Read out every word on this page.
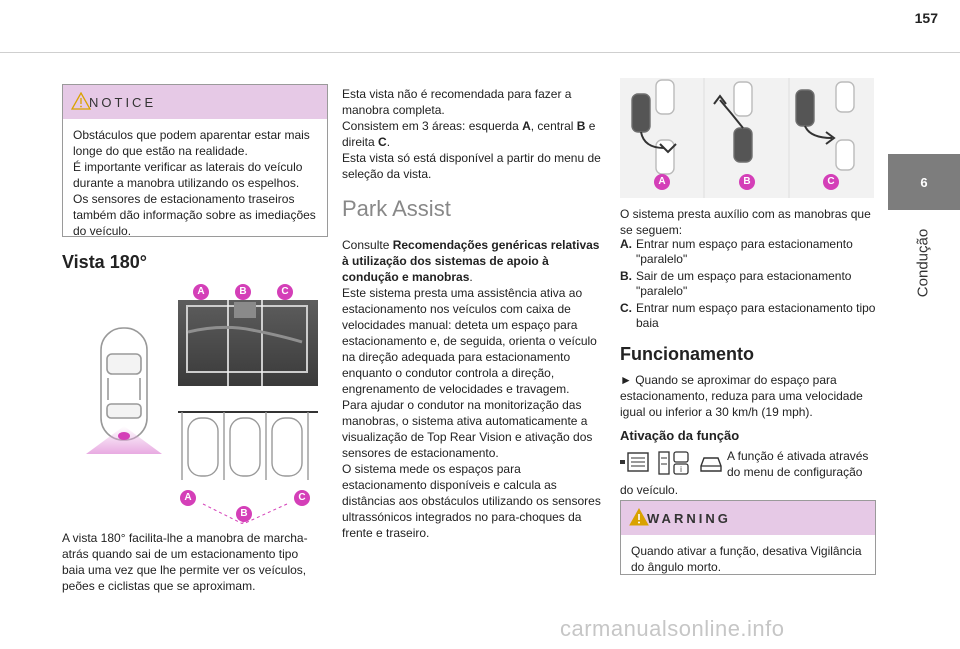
157
6
Condução
NOTICE
Obstáculos que podem aparentar estar mais
longe do que estão na realidade.
É importante verificar as laterais do veículo
durante a manobra utilizando os espelhos.
Os sensores de estacionamento traseiros
também dão informação sobre as imediações
do veículo.
Vista 180°
A	B	C
A
B
C
A vista 180° facilita-lhe a manobra de marcha-
atrás quando sai de um estacionamento tipo
baia uma vez que lhe permite ver os veículos,
peões e ciclistas que se aproximam.
Esta vista não é recomendada para fazer a
manobra completa.
Consistem em 3 áreas: esquerda A, central B e
direita C.
Esta vista só está disponível a partir do menu de
seleção da vista.
Park Assist
Consulte Recomendações genéricas relativas
à utilização dos sistemas de apoio à
condução e manobras.
Este sistema presta uma assistência ativa ao
estacionamento nos veículos com caixa de
velocidades manual: deteta um espaço para
estacionamento e, de seguida, orienta o veículo
na direção adequada para estacionamento
enquanto o condutor controla a direção,
engrenamento de velocidades e travagem.
Para ajudar o condutor na monitorização das
manobras, o sistema ativa automaticamente a
visualização de Top Rear Vision e ativação dos
sensores de estacionamento.
O sistema mede os espaços para
estacionamento disponíveis e calcula as
distâncias aos obstáculos utilizando os sensores
ultrassónicos integrados no para-choques da
frente e traseiro.
A	B	C
O sistema presta auxílio com as manobras que
se seguem:
A. Entrar num espaço para estacionamento
"paralelo"
B. Sair de um espaço para estacionamento
"paralelo"
C. Entrar num espaço para estacionamento tipo
baia
Funcionamento
► Quando se aproximar do espaço para
estacionamento, reduza para uma velocidade
igual ou inferior a 30 km/h (19 mph).
Ativação da função
i
A função é ativada através
do menu de configuração
do veículo.
WARNING
Quando ativar a função, desativa Vigilância
do ângulo morto.
carmanualsonline.info
